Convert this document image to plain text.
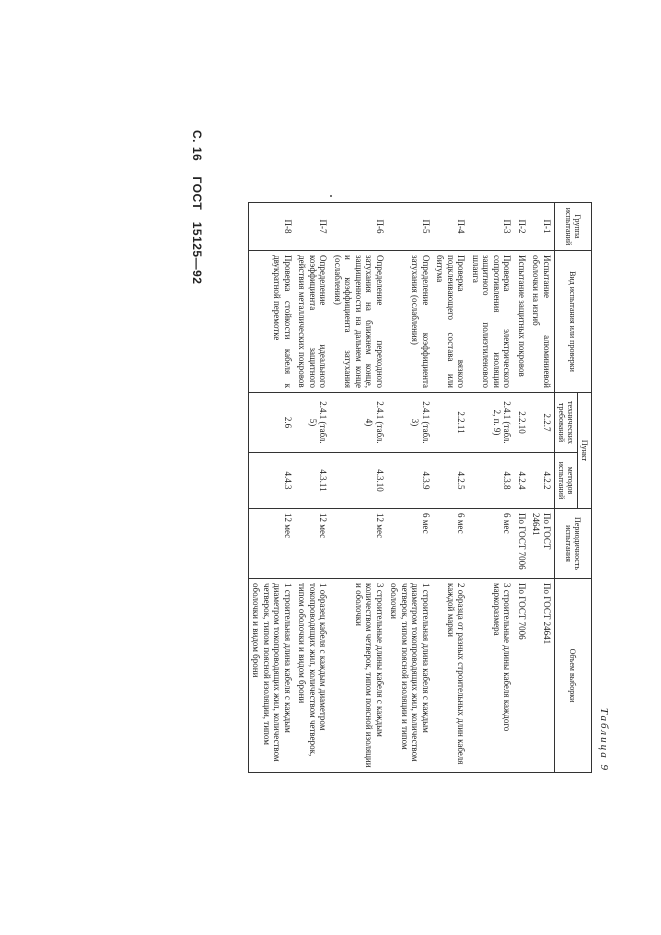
С. 16    ГОСТ   15125—92
Таблица 9
Группа испытаний	Вид испытания или проверки	Пункт		Периодичность испытания	Объем выборки
		технических требований	методов испытаний		
П-1	Испытание алюминиевой оболочки на изгиб	2.2.7	4.2.2	По ГОСТ 24641	По ГОСТ 24641
П-2	Испытание защитных покровов	2.2.10	4.2.4	По ГОСТ 7006	По ГОСТ 7006
П-3	Проверка электрического сопротивления изоляции защитного полиэтиленового шланга	2.4.1 (табл. 2, п. 9)	4.3.8	6 мес	3 строительные длины кабеля каждого маркоразмера
П-4	Проверка вязкого подклеивающего состава или битума	2.2.11	4.2.5	6 мес	2 образца от разных строительных длин кабеля каждой марки
П-5	Определение коэффициента затухания (ослабления)	2.4.1 (табл. 3)	4.3.9	6 мес	1 строительная длина кабеля с каждым диаметром токопроводящих жил, количеством четверок, типом поясной изоляции и типом оболочки
П-6	Определение переходного затухания на ближнем конце, защищенности на дальнем конце и коэффициента затухания (ослабления)	2.4.1 (табл. 4)	4.3.10	12 мес	3 строительные длины кабеля с каждым количеством четверок, типом поясной изоляции и оболочки
П-7	Определение идеального коэффициента защитного действия металлических покровов	2.4.1 (табл. 5)	4.3.11	12 мес	1 образец кабеля с каждым диаметром токопроводящих жил, количеством четверок, типом оболочки и видом брони
П-8	Проверка стойкости кабеля к двукратной перемотке	2.6	4.4.3	12 мес	1 строительная длина кабеля с каждым диаметром токопроводящих жил, количеством четверок, типом поясной изоляции, типом оболочки и видом брони
